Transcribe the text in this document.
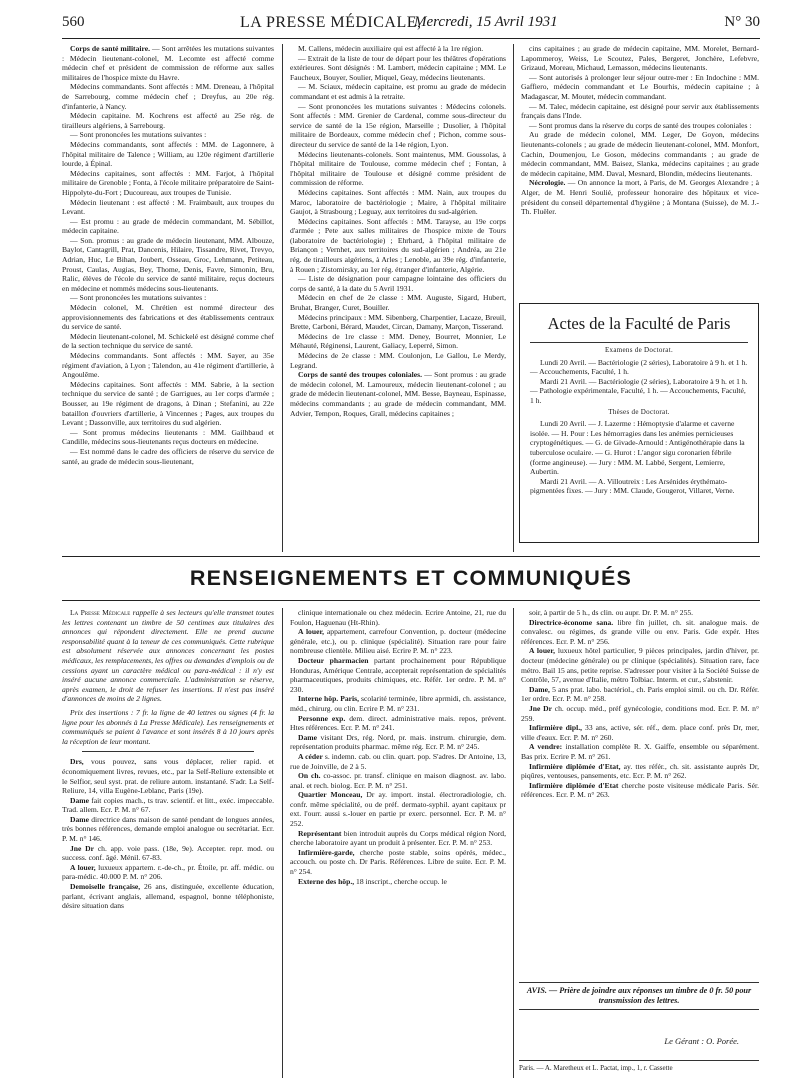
560	LA PRESSE MÉDICALE,
Mercredi, 15 Avril 1931	N° 30

Corps de santé militaire. — Sont arrêtées les mutations suivantes : Médecin lieutenant-colonel, M. Lecomte est affecté comme médecin chef et président de commission de réforme aux salles militaires de l'hospice mixte du Havre.

Médecins commandants. Sont affectés : MM. Dreneau, à l'hôpital de Sarrebourg, comme médecin chef ; Dreyfus, au 20e rég. d'infanterie, à Nancy.

Médecin capitaine. M. Kochrens est affecté au 25e rég. de tirailleurs algériens, à Sarrebourg.

— Sont prononcées les mutations suivantes :

Médecins commandants, sont affectés : MM. de Lagonnere, à l'hôpital militaire de Talence ; William, au 120e régiment d'artillerie lourde, à Épinal.

Médecins capitaines, sont affectés : MM. Farjot, à l'hôpital militaire de Grenoble ; Fonta, à l'école militaire préparatoire de Saint-Hippolyte-du-Fort ; Ducoureau, aux troupes de Tunisie.

Médecin lieutenant : est affecté : M. Fraimbault, aux troupes du Levant.

— Est promu : au grade de médecin commandant, M. Sébillot, médecin capitaine.

— Son. promus : au grade de médecin lieutenant, MM. Albouze, Baylot, Cantagrill, Prat, Dancenis, Hilaire, Tissandre, Rivet, Trevyo, Adrian, Huc, Le Bihan, Joubert, Osseau, Groc, Lehmann, Petiteau, Proust, Caulas, Augias, Bey, Thome, Denis, Favre, Simonin, Bru, Ralic, élèves de l'école du service de santé militaire, reçus docteurs en médecine et nommés médecins sous-lieutenants.

— Sont prononcées les mutations suivantes :

Médecin colonel, M. Chrétien est nommé directeur des approvisionnements des fabrications et des établissements centraux du service de santé.

Médecin lieutenant-colonel, M. Schickelé est désigné comme chef de la section technique du service de santé.

Médecins commandants. Sont affectés : MM. Sayer, au 35e régiment d'aviation, à Lyon ; Talendon, au 41e régiment d'artillerie, à Angoulême.

Médecins capitaines. Sont affectés : MM. Sabrie, à la section technique du service de santé ; de Garrigues, au 1er corps d'armée ; Bousser, au 19e régiment de dragons, à Dinan ; Stefanini, au 22e bataillon d'ouvriers d'artillerie, à Vincennes ; Pages, aux troupes du Levant ; Dassonville, aux territoires du sud algérien.

— Sont promus médecins lieutenants : MM. Gailhbaud et Candille, médecins sous-lieutenants reçus docteurs en médecine.

— Est nommé dans le cadre des officiers de réserve du service de santé, au grade de médecin sous-lieutenant,

M. Callens, médecin auxiliaire qui est affecté à la 1re région.

— Extrait de la liste de tour de départ pour les théâtres d'opérations extérieures. Sont désignés : M. Lambert, médecin capitaine ; MM. Le Faucheux, Bouyer, Soulier, Miquel, Geay, médecins lieutenants.

— M. Sciaux, médecin capitaine, est promu au grade de médecin commandant et est admis à la retraite.

— Sont prononcées les mutations suivantes : Médecins colonels. Sont affectés : MM. Grenier de Cardenal, comme sous-directeur du service de santé de la 15e région, Marseille ; Dusolier, à l'hôpital militaire de Bordeaux, comme médecin chef ; Pichon, comme sous-directeur du service de santé de la 14e région, Lyon.

Médecins lieutenants-colonels. Sont maintenus, MM. Goussolas, à l'hôpital militaire de Toulouse, comme médecin chef ; Fontan, à l'hôpital militaire de Toulouse et désigné comme président de commission de réforme.

Médecins capitaines. Sont affectés : MM. Nain, aux troupes du Maroc, laboratoire de bactériologie ; Maire, à l'hôpital militaire Gaujot, à Strasbourg ; Leguay, aux territoires du sud-algérien.

Médecins capitaines. Sont affectés : MM. Tarayse, au 19e corps d'armée ; Pete aux salles militaires de l'hospice mixte de Tours (laboratoire de bactériologie) ; Ehrhard, à l'hôpital militaire de Briançon ; Vernhet, aux territoires du sud-algérien ; Andréa, au 21e rég. de tirailleurs algériens, à Arles ; Lenoble, au 39e rég. d'infanterie, à Rouen ; Zistomirsky, au 1er rég. étranger d'infanterie, Algérie.

— Liste de désignation pour campagne lointaine des officiers du corps de santé, à la date du 5 Avril 1931.

Médecin en chef de 2e classe : MM. Auguste, Sigard, Hubert, Bruhat, Branger, Curet, Bouiller.

Médecins principaux : MM. Sibenberg, Charpentier, Lacaze, Breuil, Brette, Carboni, Bérard, Maudet, Circan, Damany, Marçon, Tisserand.

Médecins de 1re classe : MM. Deney, Bourret, Monnier, Le Méhauté, Réginensi, Laurent, Galiacy, Leperré, Simon.

Médecins de 2e classe : MM. Coulonjon, Le Gallou, Le Merdy, Legrand.

Corps de santé des troupes coloniales. — Sont promus : au grade de médecin colonel, M. Lamoureux, médecin lieutenant-colonel ; au grade de médecin lieutenant-colonel, MM. Besse, Bayneau, Espinasse, médecins commandants ; au grade de médecin commandant, MM. Advier, Tempon, Roques, Grall, médecins capitaines ;

cins capitaines ; au grade de médecin capitaine, MM. Morelet, Bernard-Lapommeroy, Weiss, Le Scoutez, Pales, Bergeret, Jonchère, Lefebvre, Grizaud, Moreau, Michaud, Lemasson, médecins lieutenants.

— Sont autorisés à prolonger leur séjour outre-mer : En Indochine : MM. Gaffiero, médecin commandant et Le Bourhis, médecin capitaine ; à Madagascar, M. Moutet, médecin commandant.

— M. Talec, médecin capitaine, est désigné pour servir aux établissements français dans l'Inde.

— Sont promus dans la réserve du corps de santé des troupes coloniales :

Au grade de médecin colonel, MM. Leger, De Goyon, médecins lieutenants-colonels ; au grade de médecin lieutenant-colonel, MM. Monfort, Cachin, Doumenjou, Le Goson, médecins commandants ; au grade de médecin commandant, MM. Baisez, Slanka, médecins capitaines ; au grade de médecin capitaine, MM. Daval, Mesnard, Blondin, médecins lieutenants.

Nécrologie. — On annonce la mort, à Paris, de M. Georges Alexandre ; à Alger, de M. Henri Soulié, professeur honoraire des hôpitaux et vice-président du conseil départemental d'hygiène ; à Montana (Suisse), de M. J.-Th. Fluëler.

Actes de la Faculté de Paris
Examens de Doctorat.

Lundi 20 Avril. — Bactériologie (2 séries), Laboratoire à 9 h. et 1 h. — Accouchements, Faculté, 1 h.

Mardi 21 Avril. — Bactériologie (2 séries), Laboratoire à 9 h. et 1 h. — Pathologie expérimentale, Faculté, 1 h. — Accouchements, Faculté, 1 h.

Thèses de Doctorat.

Lundi 20 Avril. — J. Lazerme : Hémoptysie d'alarme et caverne isolée. — H. Pour : Les hémorragies dans les anémies pernicieuses cryptogénétiques. — G. de Givade-Arnould : Antigénothérapie dans la tuberculose oculaire. — G. Hurot : L'angor sigu coronarien fébrile (forme angineuse). — Jury : MM. M. Labbé, Sergent, Lemierre, Aubertin.

Mardi 21 Avril. — A. Villoutreix : Les Arsénides érythémato-pigmentées fixes. — Jury : MM. Claude, Gougerot, Villaret, Verne.

RENSEIGNEMENTS ET COMMUNIQUÉS

La Presse Médicale rappelle à ses lecteurs qu'elle transmet toutes les lettres contenant un timbre de 50 centimes aux titulaires des annonces qui répondent directement. Elle ne prend aucune responsabilité quant à la teneur de ces communiqués. Cette rubrique est absolument réservée aux annonces concernant les postes médicaux, les remplacements, les offres ou demandes d'emplois ou de cessions ayant un caractère médical ou para-médical : il n'y est inséré aucune annonce commerciale. L'administration se réserve, après examen, le droit de refuser les insertions. Il n'est pas inséré d'annonces de moins de 2 lignes.

Prix des insertions : 7 fr. la ligne de 40 lettres ou signes (4 fr. la ligne pour les abonnés à La Presse Médicale). Les renseignements et communiqués se paient à l'avance et sont insérés 8 à 10 jours après la réception de leur montant.

Drs, vous pouvez, sans vous déplacer, relier rapid. et économiquement livres, revues, etc., par la Self-Reliure extensible et le Selfior, seul syst. prat. de reliure autom. instantané. S'adr. La Self-Reliure, 14, villa Eugène-Leblanc, Paris (19e).

Dame fait copies mach., ts trav. scientif. et litt., exéc. impeccable. Trad. allem. Ecr. P. M. n° 67.

Dame directrice dans maison de santé pendant de longues années, très bonnes références, demande emploi analogue ou secrétariat. Ecr. P. M. n° 146.

Jne Dr ch. app. voie pass. (18e, 9e). Accepter. repr. mod. ou success. conf. âgé. Ménil. 67-83.

A louer, luxueux appartem. r.-de-ch., pr. Étoile, pr. aff. médic. ou para-médic. 40.000 P. M. n° 206.

Demoiselle française, 26 ans, distinguée, excellente éducation, parlant, écrivant anglais, allemand, espagnol, bonne téléphoniste, désire situation dans

clinique internationale ou chez médecin. Ecrire Antoine, 21, rue du Foulon, Haguenau (Ht-Rhin).

A louer, appartement, carrefour Convention, p. docteur (médecine générale, etc.), ou p. clinique (spécialité). Situation rare pour faire nombreuse clientèle. Milieu aisé. Ecrire P. M. n° 223.

Docteur pharmacien partant prochainement pour République Honduras, Amérique Centrale, accepterait représentation de spécialités pharmaceutiques, produits chimiques, etc. Référ. 1er ordre. P. M. n° 230.

Interne hôp. Paris, scolarité terminée, libre aprmidi, ch. assistance, méd., chirurg. ou clin. Ecrire P. M. n° 231.

Personne exp. dem. direct. administrative mais. repos, prévent. Htes références. Ecr. P. M. n° 241.

Dame visitant Drs, rég. Nord, pr. mais. instrum. chirurgie, dem. représentation produits pharmac. même rég. Ecr. P. M. n° 245.

A céder s. indemn. cab. ou clin. quart. pop. S'adres. Dr Antoine, 13, rue de Joinville, de 2 à 5.

On ch. co-assoc. pr. transf. clinique en maison diagnost. av. labo. anal. et rech. biolog. Ecr. P. M. n° 251.

Quartier Monceau, Dr ay. import. instal. électroradiologie, ch. confr. même spécialité, ou de préf. dermato-syphil. ayant capitaux pr ext. l'ourr. aussi s.-louer en partie pr exerc. personnel. Ecr. P. M. n° 252.

Représentant bien introduit auprès du Corps médical région Nord, cherche laboratoire ayant un produit à présenter. Ecr. P. M. n° 253.

Infirmière-garde, cherche poste stable, soins opérés, médec., accouch. ou poste ch. Dr Paris. Références. Libre de suite. Ecr. P. M. n° 254.

Externe des hôp., 18 inscript., cherche occup. le

soir, à partir de 5 h., ds clin. ou aupr. Dr. P. M. n° 255.

Directrice-économe sana. libre fin juillet, ch. sit. analogue mais. de convalesc. ou régimes, ds grande ville ou env. Paris. Gde expér. Htes références. Ecr. P. M. n° 256.

A louer, luxueux hôtel particulier, 9 pièces principales, jardin d'hiver, pr. docteur (médecine générale) ou pr clinique (spécialités). Situation rare, face métro. Bail 15 ans, petite reprise. S'adresser pour visiter à la Société Suisse de Contrôle, 57, avenue d'Italie, métro Tolbiac. Interm. et cur., s'abstenir.

Dame, 5 ans prat. labo. bactériol., ch. Paris emploi simil. ou ch. Dr. Référ. 1er ordre. Ecr. P. M. n° 258.

Jne Dr ch. occup. méd., préf gynécologie, conditions mod. Ecr. P. M. n° 259.

Infirmière dipl., 33 ans, active, sér. réf., dem. place conf. près Dr, mer, ville d'eaux. Ecr. P. M. n° 260.

A vendre: installation complète R. X. Gaiffe, ensemble ou séparément. Bas prix. Ecrire P. M. n° 261.

Infirmière diplômée d'Etat, ay. ttes référ., ch. sit. assistante auprès Dr, piqûres, ventouses, pansements, etc. Ecr. P. M. n° 262.

Infirmière diplômée d'Etat cherche poste visiteuse médicale Paris. Sér. références. Ecr. P. M. n° 263.

AVIS. — Prière de joindre aux réponses un timbre de 0 fr. 50 pour transmission des lettres.
Le Gérant : O. Porée.
Paris. — A. Maretheux et L. Pactat, imp., 1, r. Cassette
